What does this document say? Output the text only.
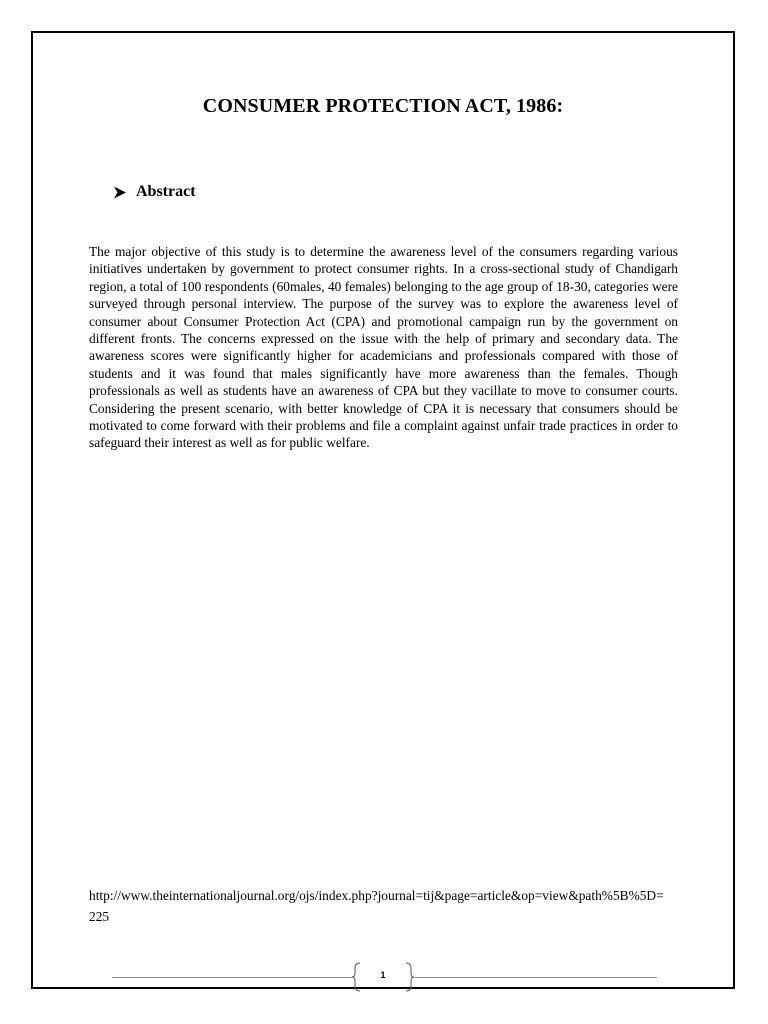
CONSUMER PROTECTION ACT, 1986:
Abstract

The major objective of this study is to determine the awareness level of the consumers regarding various initiatives undertaken by government to protect consumer rights. In a cross-sectional study of Chandigarh region, a total of 100 respondents (60males, 40 females) belonging to the age group of 18-30, categories were surveyed through personal interview. The purpose of the survey was to explore the awareness level of consumer about Consumer Protection Act (CPA) and promotional campaign run by the government on different fronts. The concerns expressed on the issue with the help of primary and secondary data. The awareness scores were significantly higher for academicians and professionals compared with those of students and it was found that males significantly have more awareness than the females. Though professionals as well as students have an awareness of CPA but they vacillate to move to consumer courts. Considering the present scenario, with better knowledge of CPA it is necessary that consumers should be motivated to come forward with their problems and file a complaint against unfair trade practices in order to safeguard their interest as well as for public welfare.

http://www.theinternationaljournal.org/ojs/index.php?journal=tij&page=article&op=view&path%5B%5D=225

1
